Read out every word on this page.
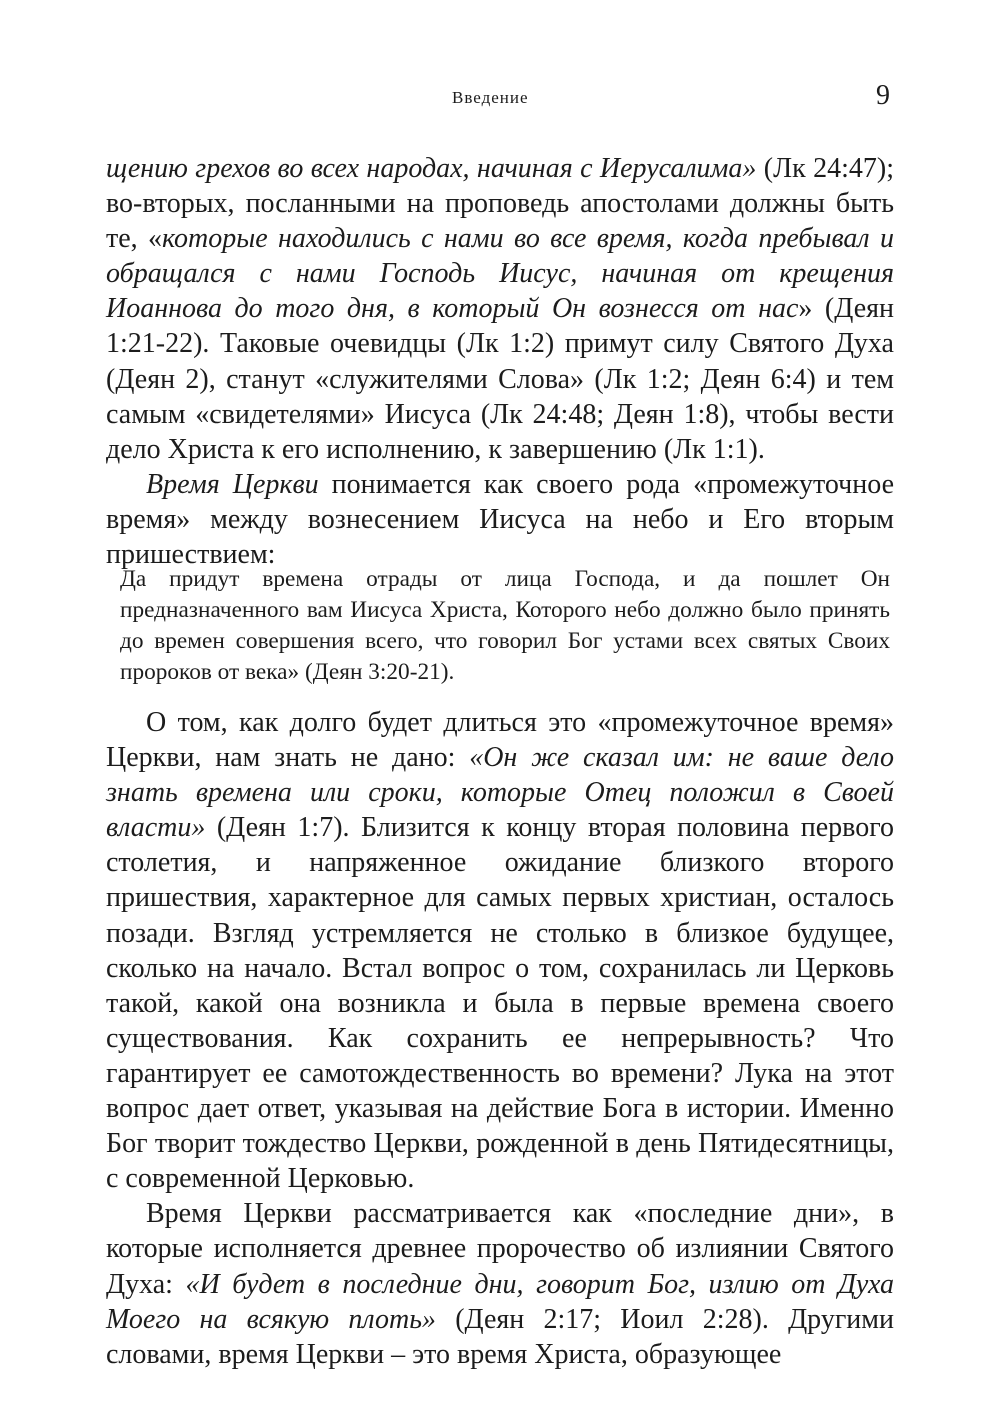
Введение	9

щению грехов во всех народах, начиная с Иерусалима» (Лк 24:47); во-вторых, посланными на проповедь апостолами должны быть те, «которые находились с нами во все время, когда пребывал и обращался с нами Господь Иисус, начиная от крещения Иоаннова до того дня, в который Он вознесся от нас» (Деян 1:21-22). Таковые очевидцы (Лк 1:2) примут силу Святого Духа (Деян 2), станут «служителями Слова» (Лк 1:2; Деян 6:4) и тем самым «свидетелями» Иисуса (Лк 24:48; Деян 1:8), чтобы вести дело Христа к его исполнению, к завершению (Лк 1:1).

Время Церкви понимается как своего рода «промежуточное время» между вознесением Иисуса на небо и Его вторым пришествием:

Да придут времена отрады от лица Господа, и да пошлет Он предназначенного вам Иисуса Христа, Которого небо должно было принять до времен совершения всего, что говорил Бог устами всех святых Своих пророков от века» (Деян 3:20-21).

О том, как долго будет длиться это «промежуточное время» Церкви, нам знать не дано: «Он же сказал им: не ваше дело знать времена или сроки, которые Отец положил в Своей власти» (Деян 1:7). Близится к концу вторая половина первого столетия, и напряженное ожидание близкого второго пришествия, характерное для самых первых христиан, осталось позади. Взгляд устремляется не столько в близкое будущее, сколько на начало. Встал вопрос о том, сохранилась ли Церковь такой, какой она возникла и была в первые времена своего существования. Как сохранить ее непрерывность? Что гарантирует ее самотождественность во времени? Лука на этот вопрос дает ответ, указывая на действие Бога в истории. Именно Бог творит тождество Церкви, рожденной в день Пятидесятницы, с современной Церковью.

Время Церкви рассматривается как «последние дни», в которые исполняется древнее пророчество об излиянии Святого Духа: «И будет в последние дни, говорит Бог, излию от Духа Моего на всякую плоть» (Деян 2:17; Иоил 2:28). Другими словами, время Церкви – это время Христа, образующее
